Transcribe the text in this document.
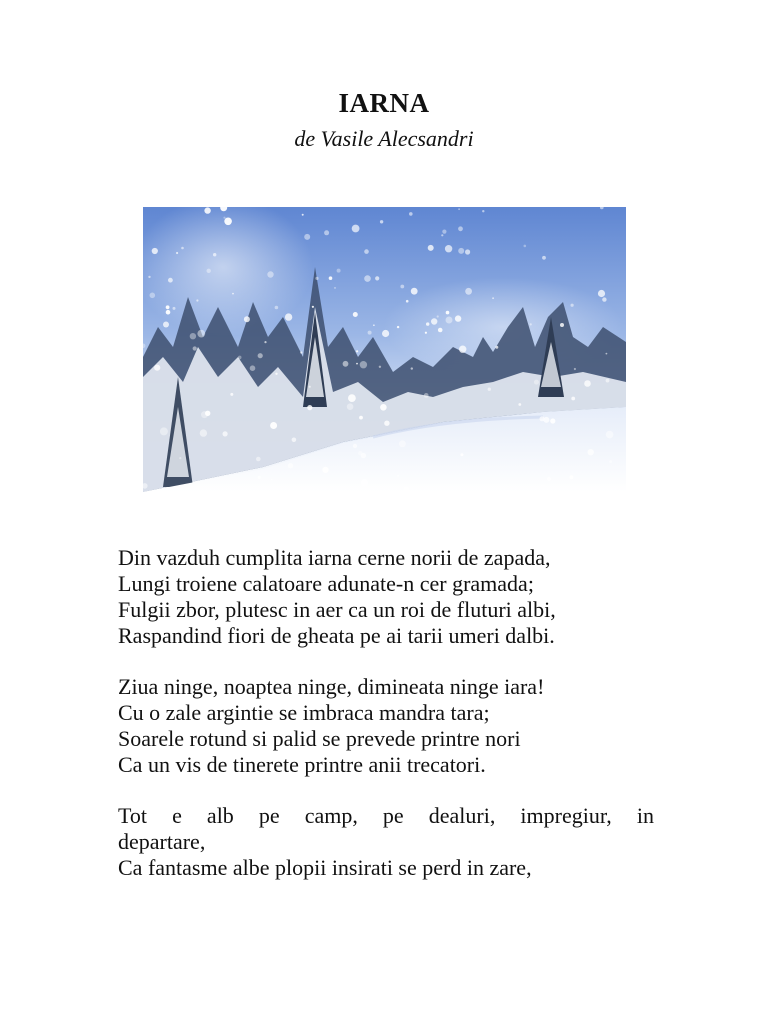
IARNA
de Vasile Alecsandri
Din vazduh cumplita iarna cerne norii de zapada,
Lungi troiene calatoare adunate-n cer gramada;
Fulgii zbor, plutesc in aer ca un roi de fluturi albi,
Raspandind fiori de gheata pe ai tarii umeri dalbi.
Ziua ninge, noaptea ninge, dimineata ninge iara!
Cu o zale argintie se imbraca mandra tara;
Soarele rotund si palid se prevede printre nori
Ca un vis de tinerete printre anii trecatori.
Tot e alb pe camp, pe dealuri, impregiur, in
departare,
Ca fantasme albe plopii insirati se perd in zare,
